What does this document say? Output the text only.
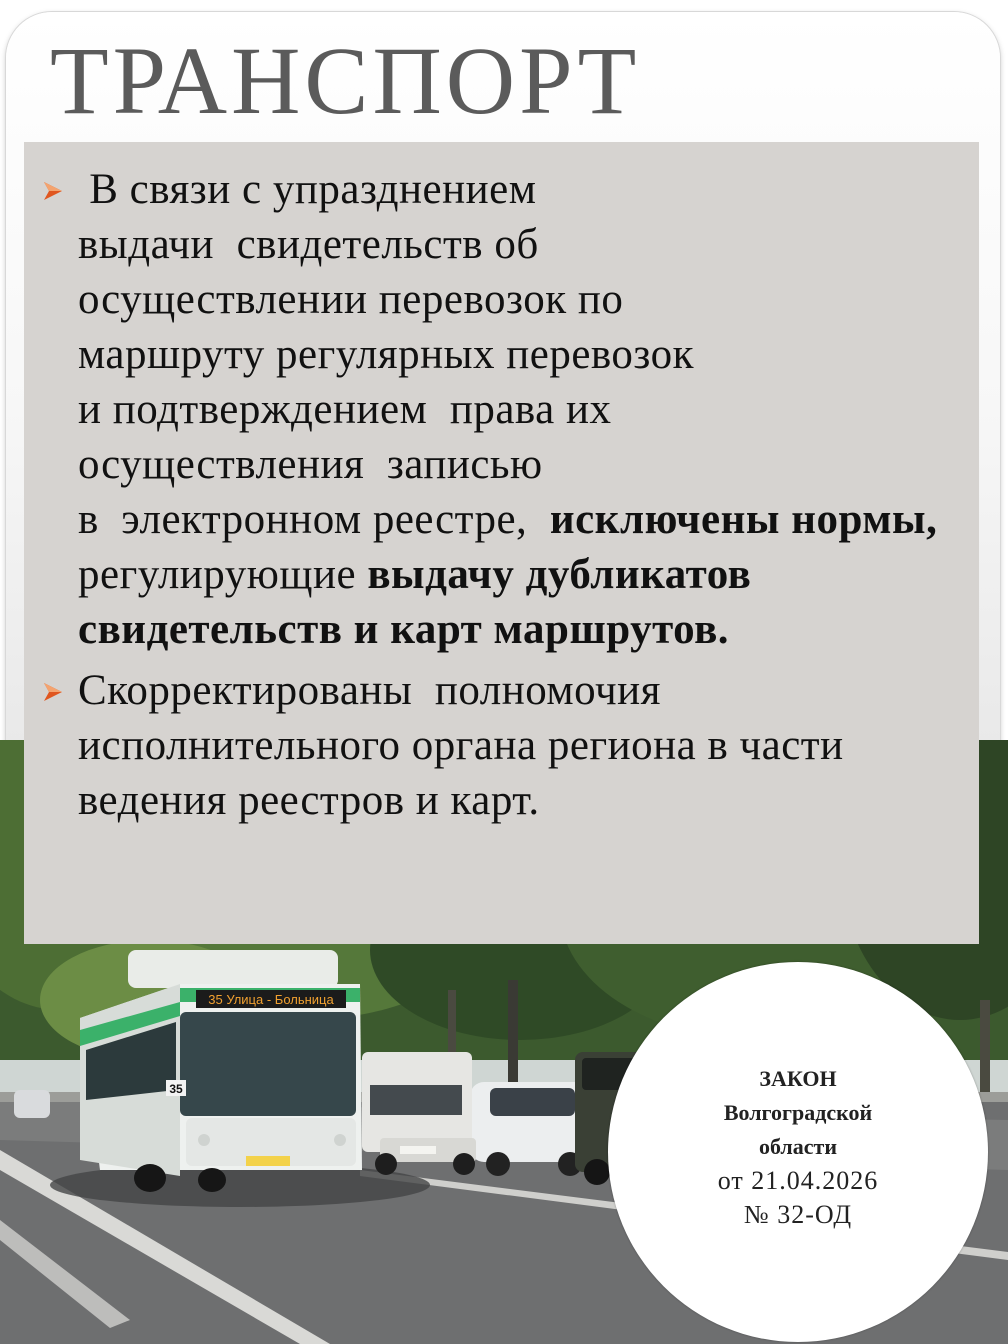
35 Улица - Больница
35
ТРАНСПОРТ

В связи с упразднением
выдачи  свидетельств об
осуществлении перевозок по
маршруту регулярных перевозок
и подтверждением  права их
осуществления  записью
в  электронном реестре,  исключены нормы, регулирующие выдачу дубликатов свидетельств и карт маршрутов.

Скорректированы  полномочия исполнительного органа региона в части ведения реестров и карт.

ЗАКОН
Волгоградской
области
от 21.04.2026
№ 32-ОД
